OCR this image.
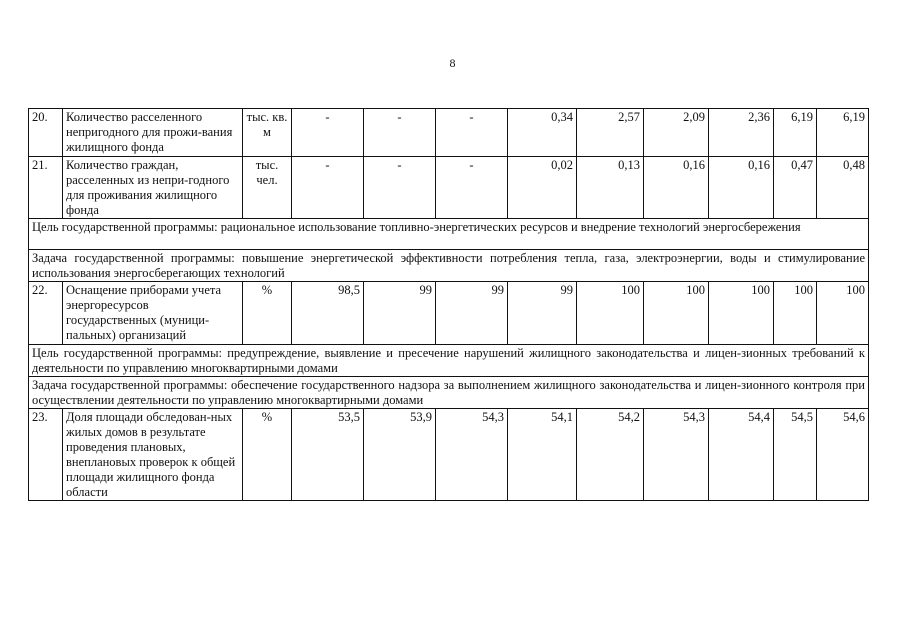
8
20.	Количество расселенного непригодного для прожи-вания жилищного фонда	тыс. кв. м	-	-	-	0,34	2,57	2,09	2,36	6,19	6,19
21.	Количество граждан, расселенных из непри-годного для проживания жилищного фонда	тыс. чел.	-	-	-	0,02	0,13	0,16	0,16	0,47	0,48
Цель государственной программы: рациональное использование топливно-энергетических ресурсов и внедрение технологий энергосбережения											
Задача государственной программы: повышение энергетической эффективности потребления тепла, газа, электроэнергии, воды и стимулирование использования энергосберегающих технологий											
22.	Оснащение приборами учета энергоресурсов государственных (муници-пальных) организаций	%	98,5	99	99	99	100	100	100	100	100
Цель государственной программы: предупреждение, выявление и пресечение нарушений жилищного законодательства и лицен-зионных требований к деятельности по управлению многоквартирными домами											
Задача государственной программы: обеспечение государственного надзора за выполнением жилищного законодательства и лицен-зионного контроля при осуществлении деятельности по управлению многоквартирными домами											
23.	Доля площади обследован-ных жилых домов в результате проведения плановых, внеплановых проверок к общей площади жилищного фонда области	%	53,5	53,9	54,3	54,1	54,2	54,3	54,4	54,5	54,6
